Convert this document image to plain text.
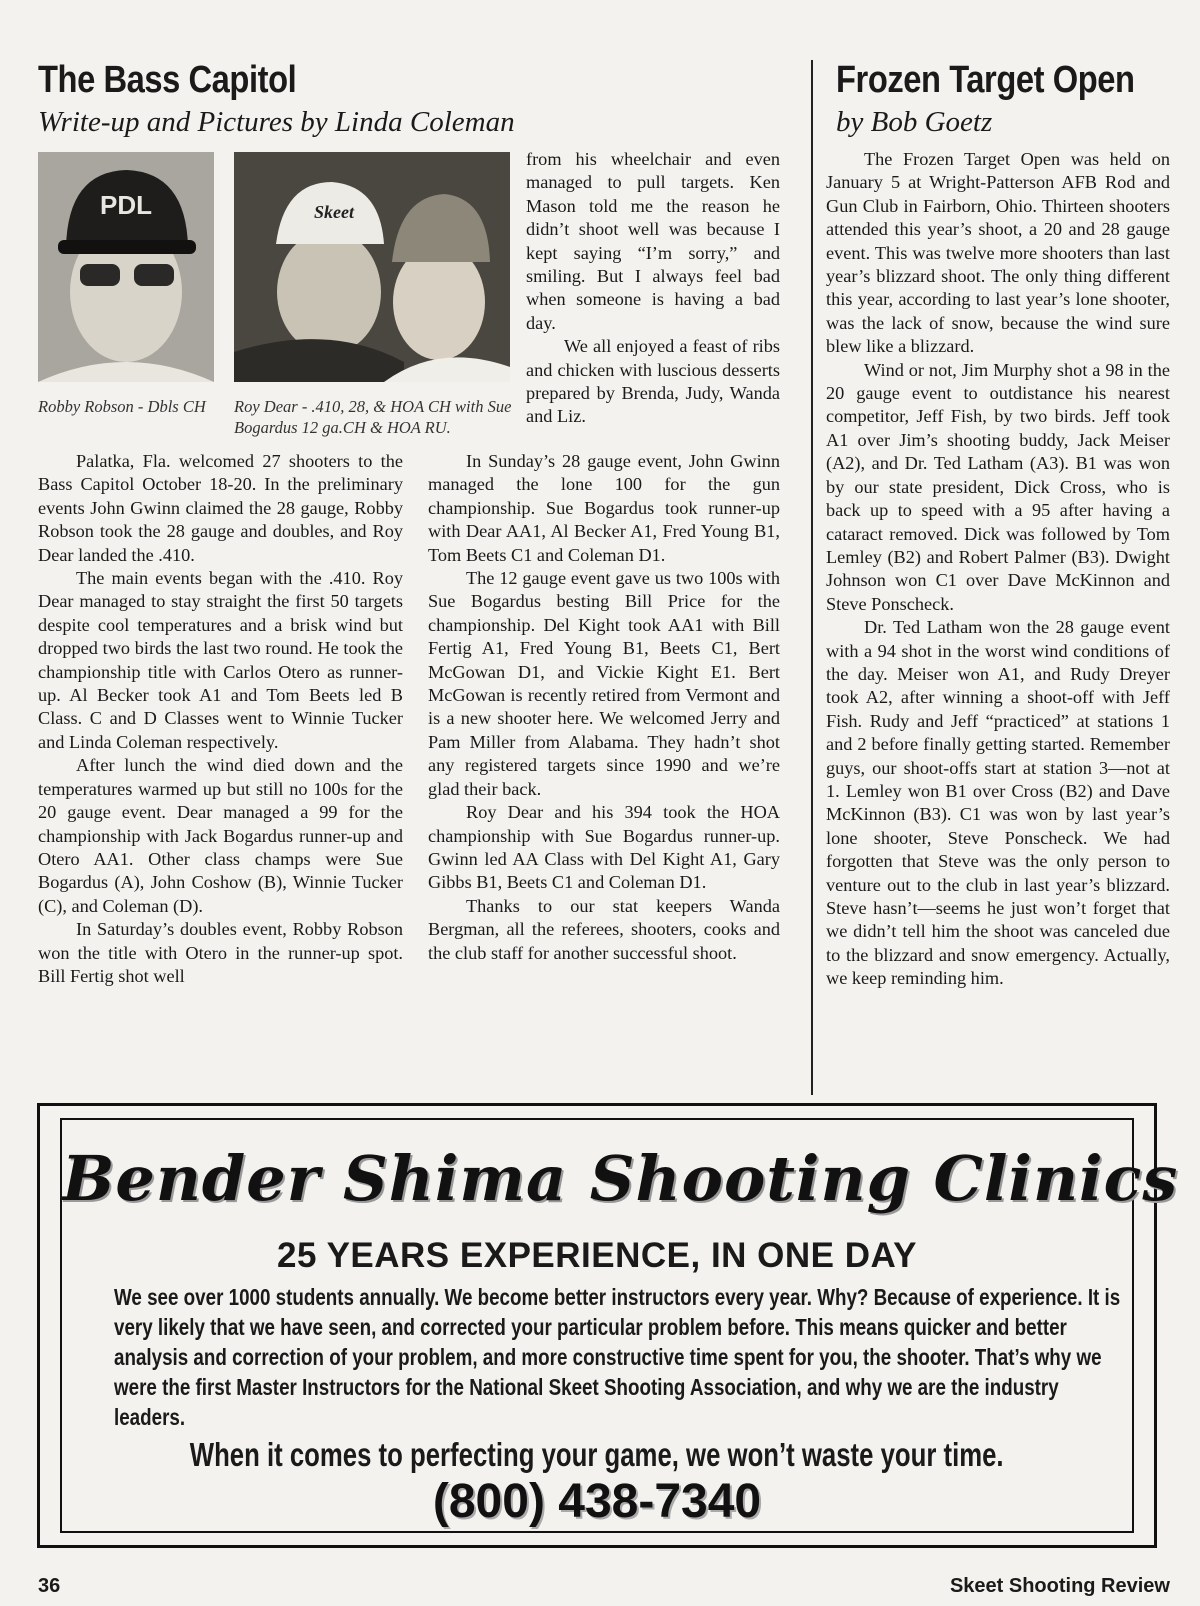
The Bass Capitol
Write-up and Pictures by Linda Coleman
PDL	Skeet
Robby Robson - Dbls CH	Roy Dear - .410, 28, & HOA CH with Sue Bogardus 12 ga.CH & HOA RU.

Palatka, Fla. welcomed 27 shooters to the Bass Capitol October 18-20. In the preliminary events John Gwinn claimed the 28 gauge, Robby Robson took the 28 gauge and doubles, and Roy Dear landed the .410.

The main events began with the .410. Roy Dear managed to stay straight the first 50 targets despite cool temperatures and a brisk wind but dropped two birds the last two round. He took the championship title with Carlos Otero as runner-up. Al Becker took A1 and Tom Beets led B Class. C and D Classes went to Winnie Tucker and Linda Coleman respectively.

After lunch the wind died down and the temperatures warmed up but still no 100s for the 20 gauge event. Dear managed a 99 for the championship with Jack Bogardus runner-up and Otero AA1. Other class champs were Sue Bogardus (A), John Coshow (B), Winnie Tucker (C), and Coleman (D).

In Saturday’s doubles event, Robby Robson won the title with Otero in the runner-up spot. Bill Fertig shot well

from his wheelchair and even managed to pull targets. Ken Mason told me the reason he didn’t shoot well was because I kept saying “I’m sorry,” and smiling. But I always feel bad when someone is having a bad day.

We all enjoyed a feast of ribs and chicken with luscious desserts prepared by Brenda, Judy, Wanda and Liz.

In Sunday’s 28 gauge event, John Gwinn managed the lone 100 for the gun championship. Sue Bogardus took runner-up with Dear AA1, Al Becker A1, Fred Young B1, Tom Beets C1 and Coleman D1.

The 12 gauge event gave us two 100s with Sue Bogardus besting Bill Price for the championship. Del Kight took AA1 with Bill Fertig A1, Fred Young B1, Beets C1, Bert McGowan D1, and Vickie Kight E1. Bert McGowan is recently retired from Vermont and is a new shooter here. We welcomed Jerry and Pam Miller from Alabama. They hadn’t shot any registered targets since 1990 and we’re glad their back.

Roy Dear and his 394 took the HOA championship with Sue Bogardus runner-up. Gwinn led AA Class with Del Kight A1, Gary Gibbs B1, Beets C1 and Coleman D1.

Thanks to our stat keepers Wanda Bergman, all the referees, shooters, cooks and the club staff for another successful shoot.

Frozen Target Open
by Bob Goetz

The Frozen Target Open was held on January 5 at Wright-Patterson AFB Rod and Gun Club in Fairborn, Ohio. Thirteen shooters attended this year’s shoot, a 20 and 28 gauge event. This was twelve more shooters than last year’s blizzard shoot. The only thing different this year, according to last year’s lone shooter, was the lack of snow, because the wind sure blew like a blizzard.

Wind or not, Jim Murphy shot a 98 in the 20 gauge event to outdistance his nearest competitor, Jeff Fish, by two birds. Jeff took A1 over Jim’s shooting buddy, Jack Meiser (A2), and Dr. Ted Latham (A3). B1 was won by our state president, Dick Cross, who is back up to speed with a 95 after having a cataract removed. Dick was followed by Tom Lemley (B2) and Robert Palmer (B3). Dwight Johnson won C1 over Dave McKinnon and Steve Ponscheck.

Dr. Ted Latham won the 28 gauge event with a 94 shot in the worst wind conditions of the day. Meiser won A1, and Rudy Dreyer took A2, after winning a shoot-off with Jeff Fish. Rudy and Jeff “practiced” at stations 1 and 2 before finally getting started. Remember guys, our shoot-offs start at station 3—not at 1. Lemley won B1 over Cross (B2) and Dave McKinnon (B3). C1 was won by last year’s lone shooter, Steve Ponscheck. We had forgotten that Steve was the only person to venture out to the club in last year’s blizzard. Steve hasn’t—seems he just won’t forget that we didn’t tell him the shoot was canceled due to the blizzard and snow emergency. Actually, we keep reminding him.

Bender Shima Shooting Clinics
25 YEARS EXPERIENCE, IN ONE DAY
We see over 1000 students annually. We become better instructors every year. Why? Because of experience. It is very likely that we have seen, and corrected your particular problem before. This means quicker and better analysis and correction of your problem, and more constructive time spent for you, the shooter. That’s why we were the first Master Instructors for the National Skeet Shooting Association, and why we are the industry leaders.
When it comes to perfecting your game, we won’t waste your time.
(800) 438-7340
36	Skeet Shooting Review
